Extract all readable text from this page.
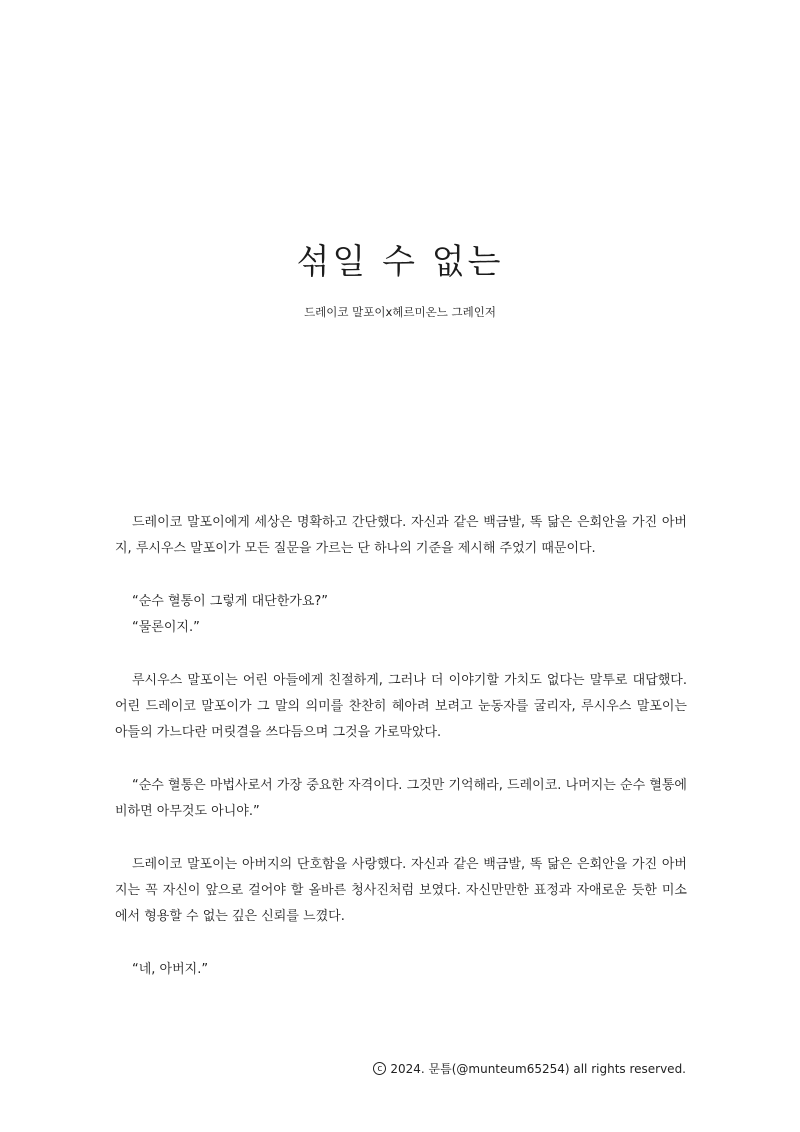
섞일 수 없는

드레이코 말포이x헤르미온느 그레인저

드레이코 말포이에게 세상은 명확하고 간단했다. 자신과 같은 백금발, 똑 닮은 은회안을 가진 아버지, 루시우스 말포이가 모든 질문을 가르는 단 하나의 기준을 제시해 주었기 때문이다.

“순수 혈통이 그렇게 대단한가요?”
“물론이지.”

루시우스 말포이는 어린 아들에게 친절하게, 그러나 더 이야기할 가치도 없다는 말투로 대답했다. 어린 드레이코 말포이가 그 말의 의미를 찬찬히 헤아려 보려고 눈동자를 굴리자, 루시우스 말포이는 아들의 가느다란 머릿결을 쓰다듬으며 그것을 가로막았다.

“순수 혈통은 마법사로서 가장 중요한 자격이다. 그것만 기억해라, 드레이코. 나머지는 순수 혈통에 비하면 아무것도 아니야.”

드레이코 말포이는 아버지의 단호함을 사랑했다. 자신과 같은 백금발, 똑 닮은 은회안을 가진 아버지는 꼭 자신이 앞으로 걸어야 할 올바른 청사진처럼 보였다. 자신만만한 표정과 자애로운 듯한 미소에서 형용할 수 없는 깊은 신뢰를 느꼈다.

“네, 아버지.”

c 2024. 문틈(@munteum65254) all rights reserved.
